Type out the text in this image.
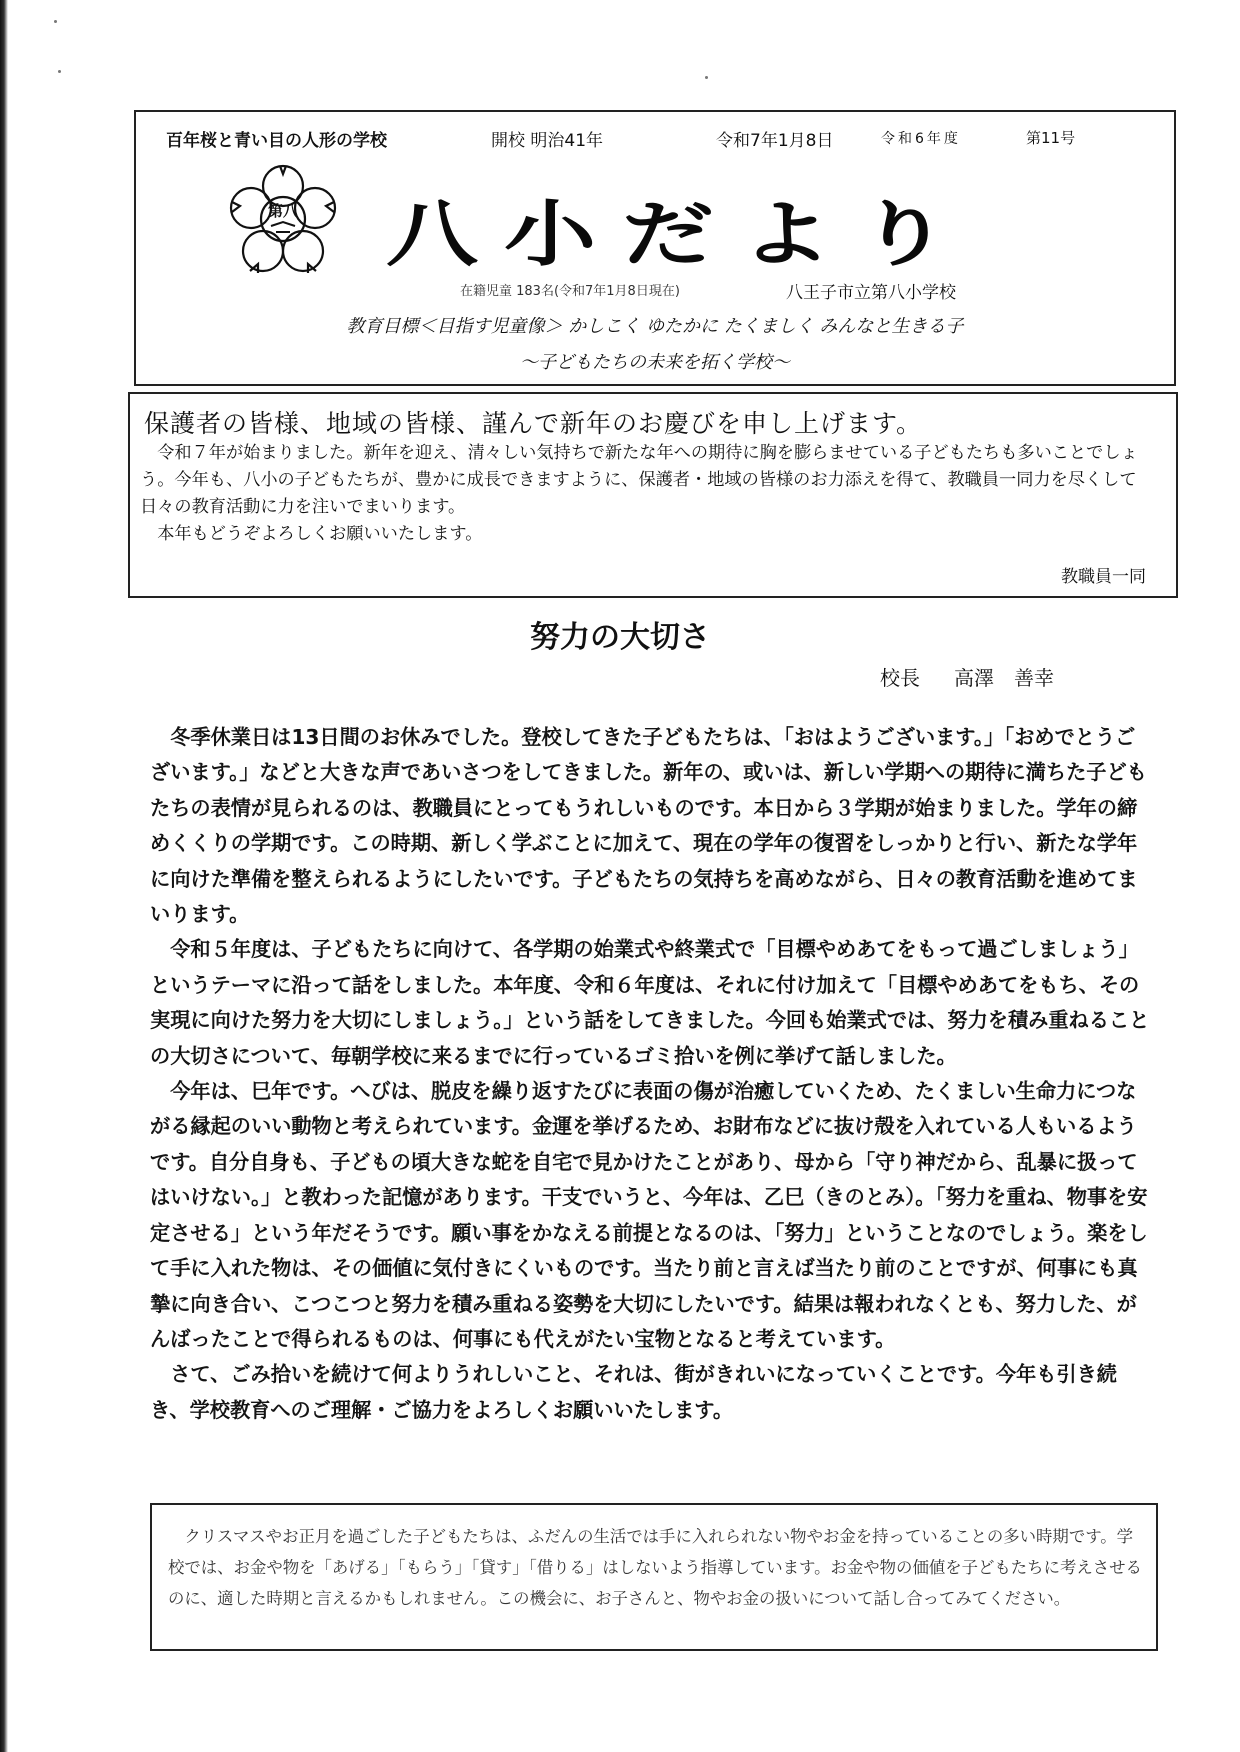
百年桜と青い目の人形の学校	開校 明治41年	令和7年1月8日	令和6年度	第11号
第八 八小だより
在籍児童 183名(令和7年1月8日現在)	八王子市立第八小学校
教育目標＜目指す児童像＞ かしこく ゆたかに たくましく みんなと生きる子
～子どもたちの未来を拓く学校～
保護者の皆様、地域の皆様、謹んで新年のお慶びを申し上げます。

令和７年が始まりました。新年を迎え、清々しい気持ちで新たな年への期待に胸を膨らませている子どもたちも多いことでしょう。今年も、八小の子どもたちが、豊かに成長できますように、保護者・地域の皆様のお力添えを得て、教職員一同力を尽くして日々の教育活動に力を注いでまいります。

本年もどうぞよろしくお願いいたします。

教職員一同
努力の大切さ
校長 高澤　善幸

冬季休業日は13日間のお休みでした。登校してきた子どもたちは、「おはようございます。」「おめでとうございます。」などと大きな声であいさつをしてきました。新年の、或いは、新しい学期への期待に満ちた子どもたちの表情が見られるのは、教職員にとってもうれしいものです。本日から３学期が始まりました。学年の締めくくりの学期です。この時期、新しく学ぶことに加えて、現在の学年の復習をしっかりと行い、新たな学年に向けた準備を整えられるようにしたいです。子どもたちの気持ちを高めながら、日々の教育活動を進めてまいります。

令和５年度は、子どもたちに向けて、各学期の始業式や終業式で「目標やめあてをもって過ごしましょう」というテーマに沿って話をしました。本年度、令和６年度は、それに付け加えて「目標やめあてをもち、その実現に向けた努力を大切にしましょう。」という話をしてきました。今回も始業式では、努力を積み重ねることの大切さについて、毎朝学校に来るまでに行っているゴミ拾いを例に挙げて話しました。

今年は、巳年です。へびは、脱皮を繰り返すたびに表面の傷が治癒していくため、たくましい生命力につながる縁起のいい動物と考えられています。金運を挙げるため、お財布などに抜け殻を入れている人もいるようです。自分自身も、子どもの頃大きな蛇を自宅で見かけたことがあり、母から「守り神だから、乱暴に扱ってはいけない。」と教わった記憶があります。干支でいうと、今年は、乙巳（きのとみ）。「努力を重ね、物事を安定させる」という年だそうです。願い事をかなえる前提となるのは、「努力」ということなのでしょう。楽をして手に入れた物は、その価値に気付きにくいものです。当たり前と言えば当たり前のことですが、何事にも真摯に向き合い、こつこつと努力を積み重ねる姿勢を大切にしたいです。結果は報われなくとも、努力した、がんばったことで得られるものは、何事にも代えがたい宝物となると考えています。

さて、ごみ拾いを続けて何よりうれしいこと、それは、街がきれいになっていくことです。今年も引き続き、学校教育へのご理解・ご協力をよろしくお願いいたします。

クリスマスやお正月を過ごした子どもたちは、ふだんの生活では手に入れられない物やお金を持っていることの多い時期です。学校では、お金や物を「あげる」「もらう」「貸す」「借りる」はしないよう指導しています。お金や物の価値を子どもたちに考えさせるのに、適した時期と言えるかもしれません。この機会に、お子さんと、物やお金の扱いについて話し合ってみてください。
